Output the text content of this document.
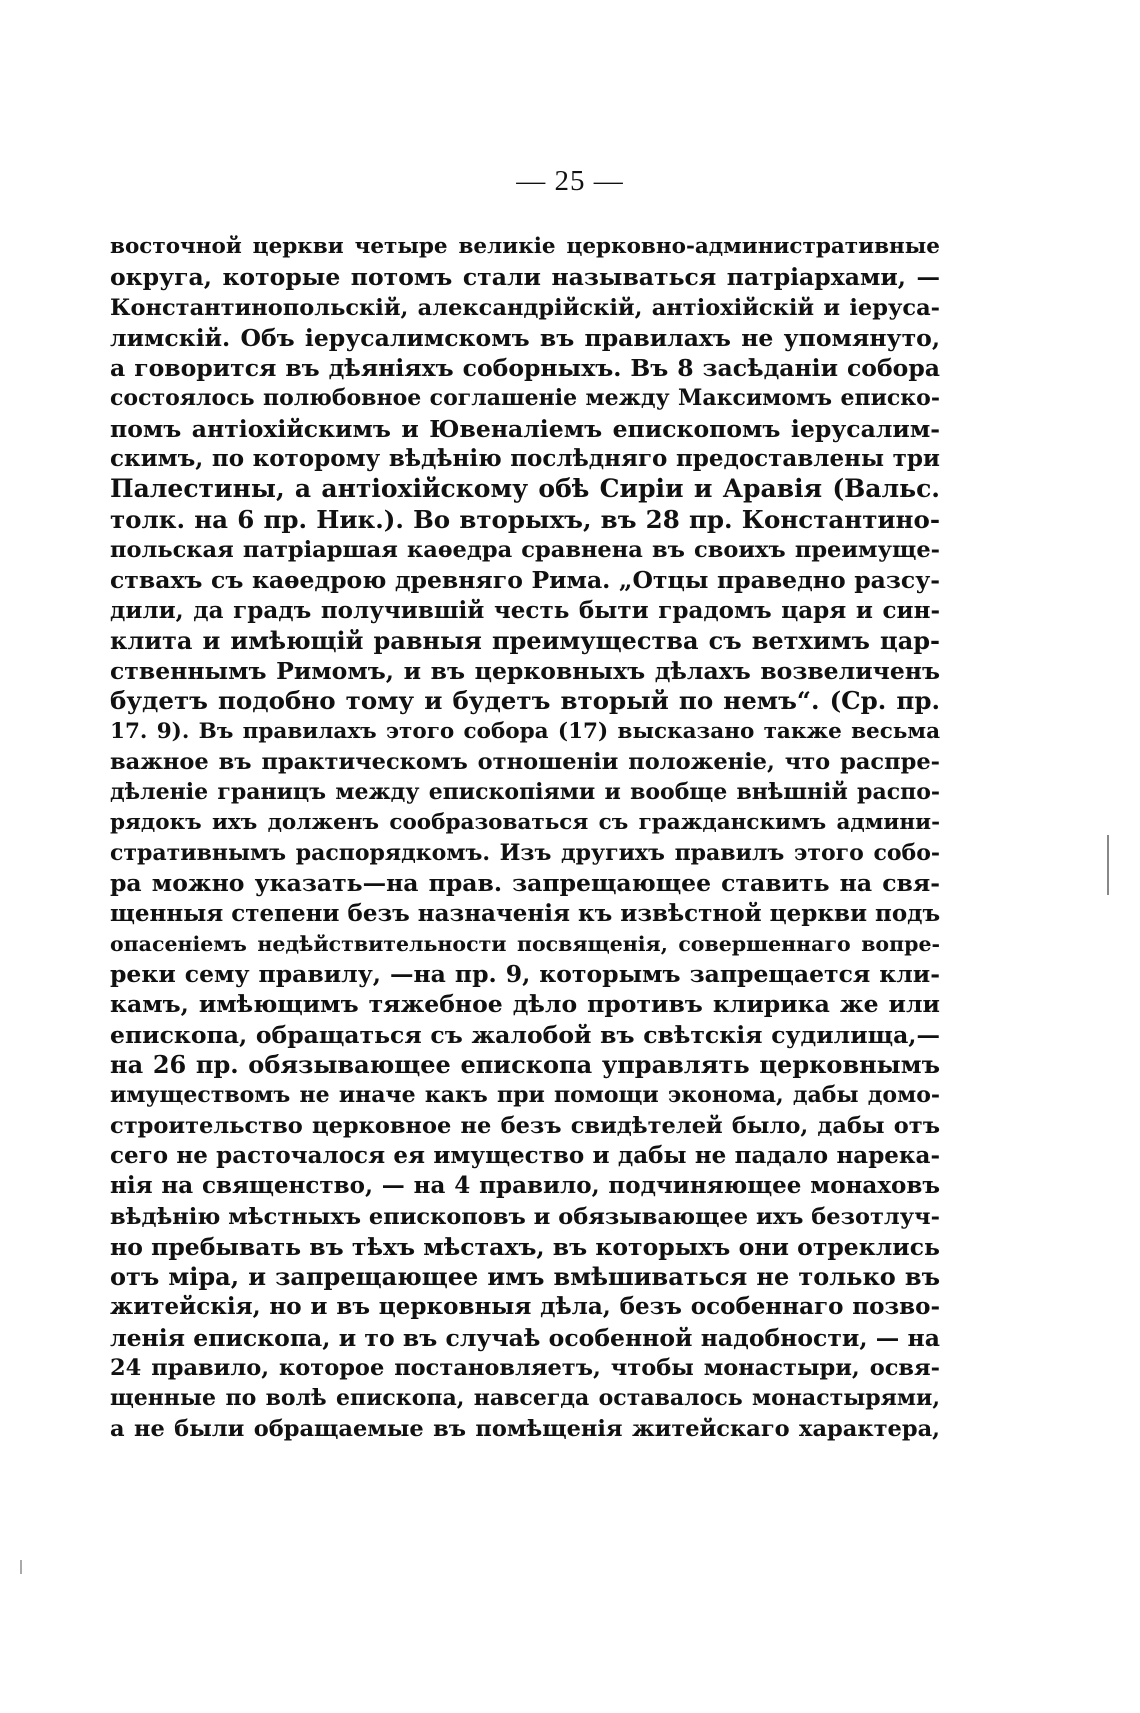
— 25 —
восточной церкви четыре великіе церковно-административные
округа, которые потомъ стали называться патріархами, —
Константинопольскій, александрійскій, антіохійскій и іеруса-
лимскій. Объ іерусалимскомъ въ правилахъ не упомянуто,
а говорится въ дѣяніяхъ соборныхъ. Въ 8 засѣданіи собора
состоялось полюбовное соглашеніе между Максимомъ еписко-
помъ антіохійскимъ и Ювеналіемъ епископомъ іерусалим-
скимъ, по которому вѣдѣнію послѣдняго предоставлены три
Палестины, а антіохійскому обѣ Сиріи и Аравія (Вальс.
толк. на 6 пр. Ник.). Во вторыхъ, въ 28 пр. Константино-
польская патріаршая каѳедра сравнена въ своихъ преимуще-
ствахъ съ каѳедрою древняго Рима. „Отцы праведно разсу-
дили, да градъ получившій честь быти градомъ царя и син-
клита и имѣющій равныя преимущества съ ветхимъ цар-
ственнымъ Римомъ, и въ церковныхъ дѣлахъ возвеличенъ
будетъ подобно тому и будетъ вторый по немъ“. (Ср. пр.
17. 9). Въ правилахъ этого собора (17) высказано также весьма
важное въ практическомъ отношеніи положеніе, что распре-
дѣленіе границъ между епископіями и вообще внѣшній распо-
рядокъ ихъ долженъ сообразоваться съ гражданскимъ админи-
стративнымъ распорядкомъ. Изъ другихъ правилъ этого собо-
ра можно указать—на прав. запрещающее ставить на свя-
щенныя степени безъ назначенія къ извѣстной церкви подъ
опасеніемъ недѣйствительности посвященія, совершеннаго вопре-
реки сему правилу, —на пр. 9, которымъ запрещается кли-
камъ, имѣющимъ тяжебное дѣло противъ клирика же или
епископа, обращаться съ жалобой въ свѣтскія судилища,—
на 26 пр. обязывающее епископа управлять церковнымъ
имуществомъ не иначе какъ при помощи эконома, дабы домо-
строительство церковное не безъ свидѣтелей было, дабы отъ
сего не расточалося ея имущество и дабы не падало нарека-
нія на священство, — на 4 правило, подчиняющее монаховъ
вѣдѣнію мѣстныхъ епископовъ и обязывающее ихъ безотлуч-
но пребывать въ тѣхъ мѣстахъ, въ которыхъ они отреклись
отъ міра, и запрещающее имъ вмѣшиваться не только въ
житейскія, но и въ церковныя дѣла, безъ особеннаго позво-
ленія епископа, и то въ случаѣ особенной надобности, — на
24 правило, которое постановляетъ, чтобы монастыри, освя-
щенные по волѣ епископа, навсегда оставалось монастырями,
а не были обращаемые въ помѣщенія житейскаго характера,
